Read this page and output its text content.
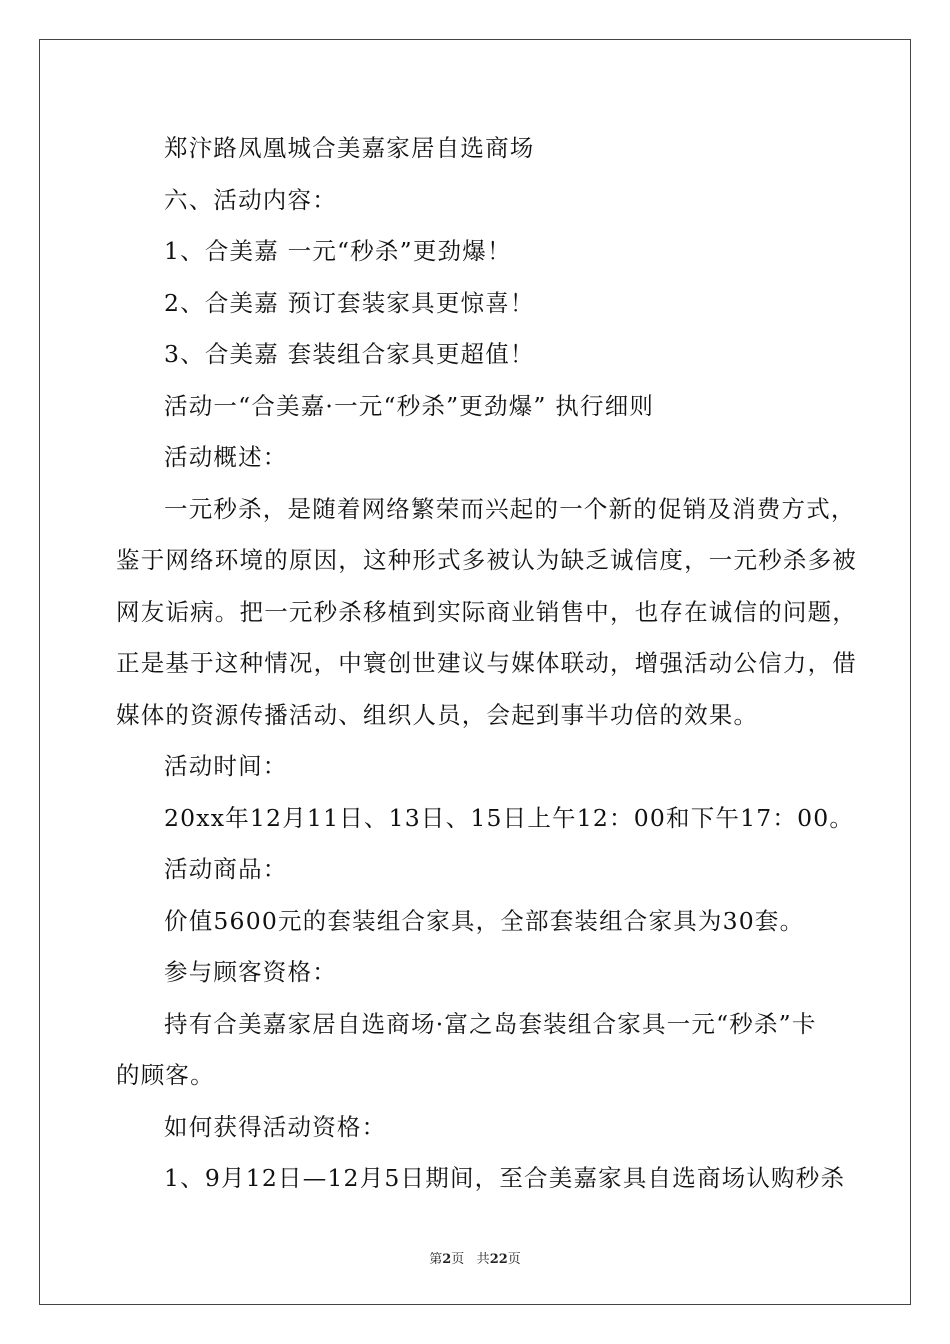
郑汴路凤凰城合美嘉家居自选商场
六、活动内容：
1、合美嘉 一元“秒杀”更劲爆！
2、合美嘉 预订套装家具更惊喜！
3、合美嘉 套装组合家具更超值！
活动一“合美嘉·一元“秒杀”更劲爆” 执行细则
活动概述：
一元秒杀，是随着网络繁荣而兴起的一个新的促销及消费方式，
鉴于网络环境的原因，这种形式多被认为缺乏诚信度，一元秒杀多被
网友诟病。把一元秒杀移植到实际商业销售中，也存在诚信的问题，
正是基于这种情况，中寰创世建议与媒体联动，增强活动公信力，借
媒体的资源传播活动、组织人员，会起到事半功倍的效果。
活动时间：
20xx年12月11日、13日、15日上午12：00和下午17：00。
活动商品：
价值5600元的套装组合家具，全部套装组合家具为30套。
参与顾客资格：
持有合美嘉家居自选商场·富之岛套装组合家具一元“秒杀”卡
的顾客。
如何获得活动资格：
1、9月12日—12月5日期间，至合美嘉家具自选商场认购秒杀
第2页 共22页
